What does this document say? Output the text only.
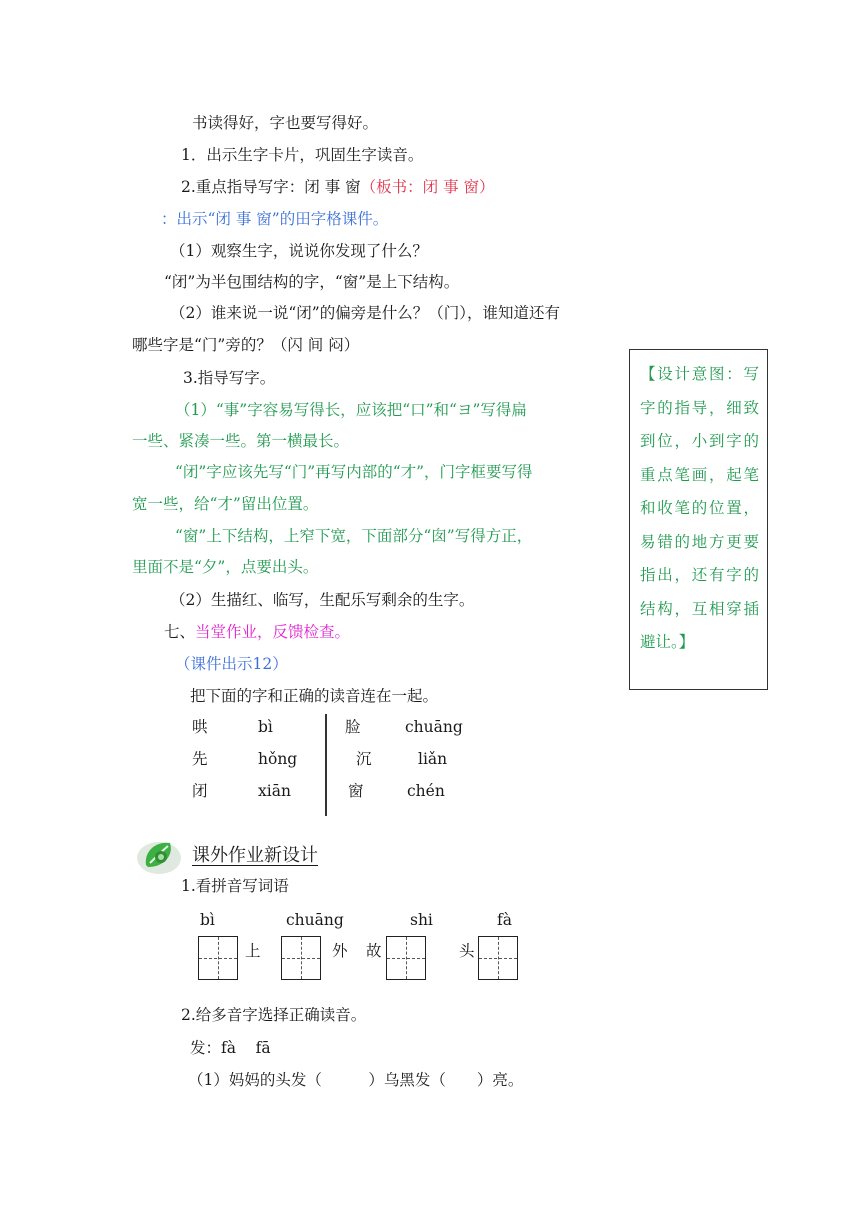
书读得好，字也要写得好。
1．出示生字卡片，巩固生字读音。
2.重点指导写字：闭 事 窗（板书：闭 事 窗）
：出示“闭 事 窗”的田字格课件。
（1）观察生字，说说你发现了什么？
“闭”为半包围结构的字，“窗”是上下结构。
（2）谁来说一说“闭”的偏旁是什么？（门），谁知道还有
哪些字是“门”旁的？（闪 间 闷）
3.指导写字。
（1）“事”字容易写得长，应该把“口”和“ヨ”写得扁
一些、紧凑一些。第一横最长。
“闭”字应该先写“门”再写内部的“才”，门字框要写得
宽一些，给“才”留出位置。
“窗”上下结构，上窄下宽，下面部分“囱”写得方正，
里面不是“夕”，点要出头。
（2）生描红、临写，生配乐写剩余的生字。
七、当堂作业，反馈检查。
（课件出示12）
把下面的字和正确的读音连在一起。
【设计意图：写字的指导，细致到位，小到字的重点笔画，起笔和收笔的位置，易错的地方更要指出，还有字的结构，互相穿插避让。】
哄	bì
先	hǒng
闭	xiān
脸	chuāng
沉	liǎn
窗	chén
课外作业新设计
1.看拼音写词语
bì	chuāng	shi	fà
上	外 故	头
2.给多音字选择正确读音。
发：fà    fā
（1）妈妈的头发（　　　）乌黑发（　　）亮。
